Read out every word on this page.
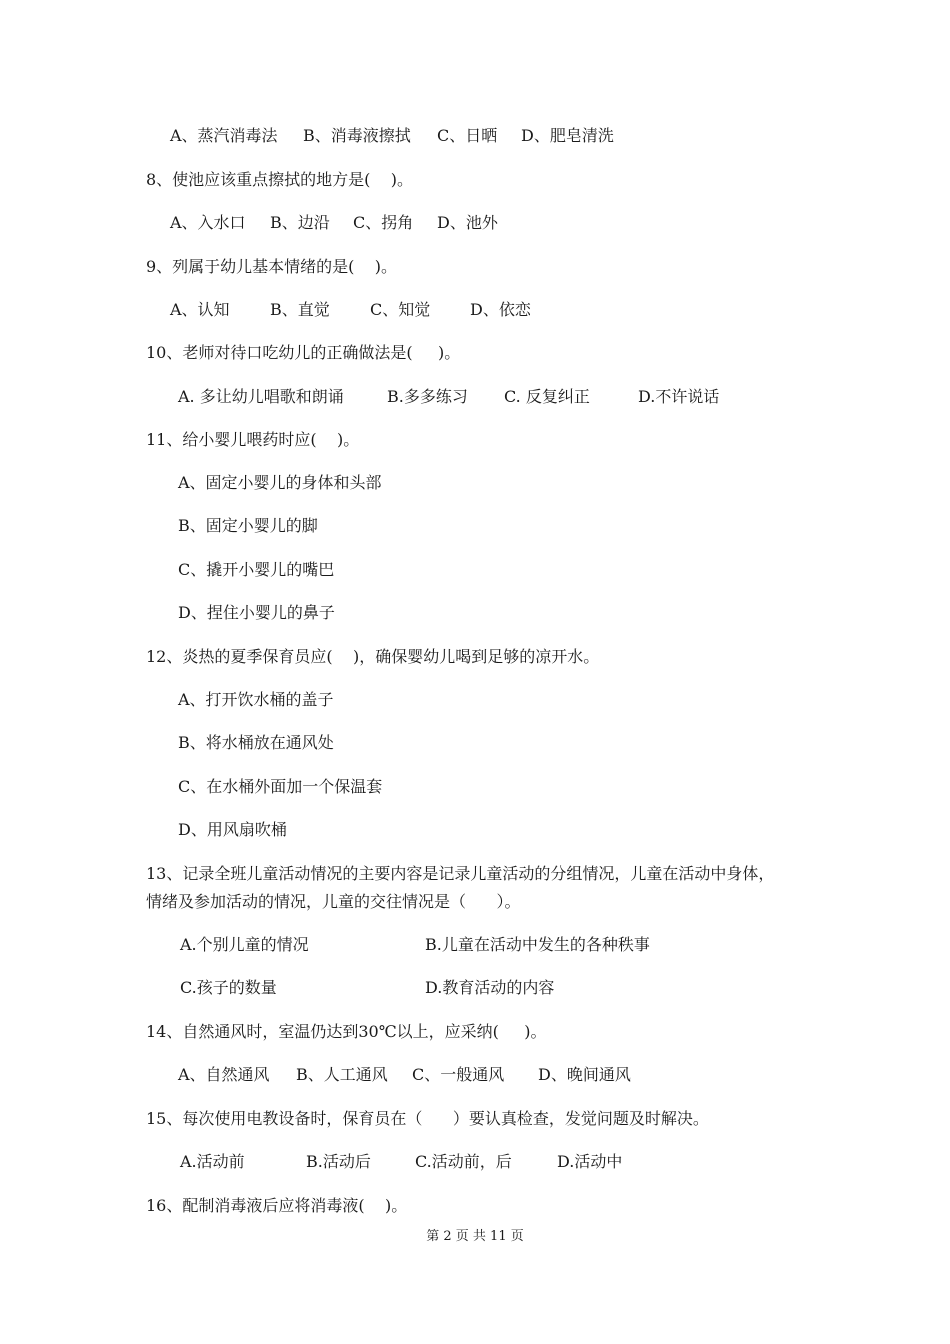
A、蒸汽消毒法 B、消毒液擦拭 C、日晒 D、肥皂清洗
8、使池应该重点擦拭的地方是(    )。
A、入水口 B、边沿 C、拐角 D、池外
9、列属于幼儿基本情绪的是(    )。
A、认知	B、直觉	C、知觉 D、依恋
10、老师对待口吃幼儿的正确做法是(     )。
A. 多让幼儿唱歌和朗诵	B.多多练习 C. 反复纠正	D.不许说话
11、给小婴儿喂药时应(    )。
A、固定小婴儿的身体和头部
B、固定小婴儿的脚
C、撬开小婴儿的嘴巴
D、捏住小婴儿的鼻子
12、炎热的夏季保育员应(    )，确保婴幼儿喝到足够的凉开水。
A、打开饮水桶的盖子
B、将水桶放在通风处
C、在水桶外面加一个保温套
D、用风扇吹桶
13、记录全班儿童活动情况的主要内容是记录儿童活动的分组情况，儿童在活动中身体，
情绪及参加活动的情况，儿童的交往情况是（      ）。
A.个别儿童的情况	B.儿童在活动中发生的各种秩事
C.孩子的数量	D.教育活动的内容
14、自然通风时，室温仍达到30℃以上，应采纳(     )。
A、自然通风 B、人工通风 C、一般通风 D、晚间通风
15、每次使用电教设备时，保育员在（      ）要认真检查，发觉问题及时解决。
A.活动前	B.活动后	C.活动前，后	D.活动中
16、配制消毒液后应将消毒液(    )。
第 2 页 共 11 页
